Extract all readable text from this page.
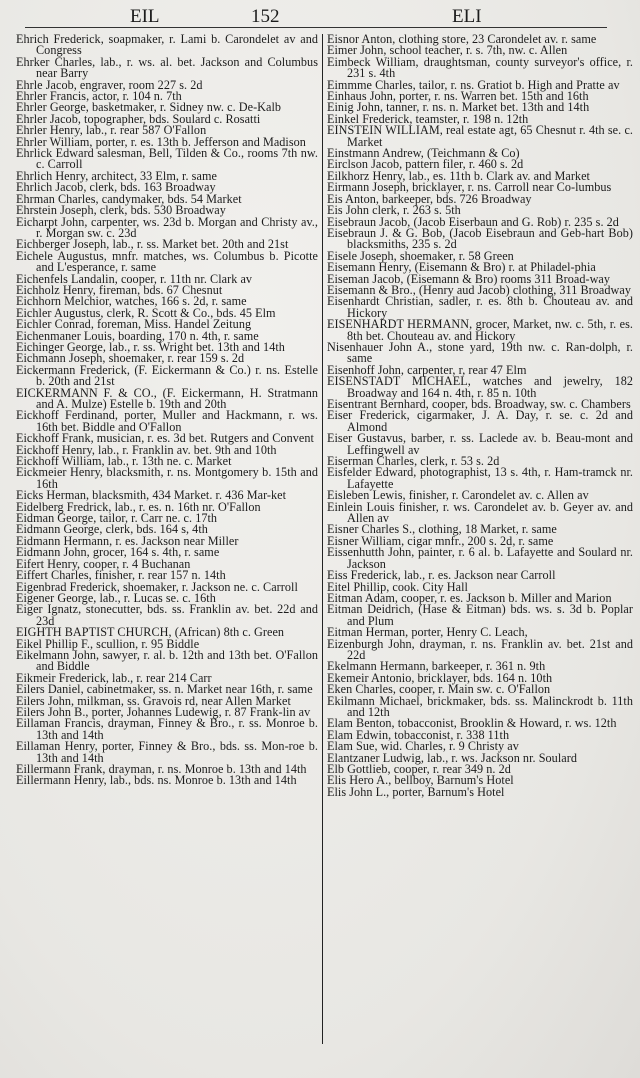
EIL	152	ELI

Ehrich Frederick, soapmaker, r. Lami b. Carondelet av and Congress

Ehrker Charles, lab., r. ws. al. bet. Jackson and Columbus near Barry

Ehrle Jacob, engraver, room 227 s. 2d

Ehrler Francis, actor, r. 104 n. 7th

Ehrler George, basketmaker, r. Sidney nw. c. De-Kalb

Ehrler Jacob, topographer, bds. Soulard c. Rosatti

Ehrler Henry, lab., r. rear 587 O'Fallon

Ehrler William, porter, r. es. 13th b. Jefferson and Madison

Ehrlick Edward salesman, Bell, Tilden & Co., rooms 7th nw. c. Carroll

Ehrlich Henry, architect, 33 Elm, r. same

Ehrlich Jacob, clerk, bds. 163 Broadway

Ehrman Charles, candymaker, bds. 54 Market

Ehrstein Joseph, clerk, bds. 530 Broadway

Eicharpt John, carpenter, ws. 23d b. Morgan and Christy av., r. Morgan sw. c. 23d

Eichberger Joseph, lab., r. ss. Market bet. 20th and 21st

Eichele Augustus, mnfr. matches, ws. Columbus b. Picotte and L'esperance, r. same

Eichenfels Landalin, cooper, r. 11th nr. Clark av

Eichholz Henry, fireman, bds. 67 Chesnut

Eichhorn Melchior, watches, 166 s. 2d, r. same

Eichler Augustus, clerk, R. Scott & Co., bds. 45 Elm

Eichler Conrad, foreman, Miss. Handel Zeitung

Eichenmaner Louis, boarding, 170 n. 4th, r. same

Eichinger George, lab., r. ss. Wright bet. 13th and 14th

Eichmann Joseph, shoemaker, r. rear 159 s. 2d

Eickermann Frederick, (F. Eickermann & Co.) r. ns. Estelle b. 20th and 21st

EICKERMANN F. & CO., (F. Eickermann, H. Stratmann and A. Mulze) Estelle b. 19th and 20th

Eickhoff Ferdinand, porter, Muller and Hackmann, r. ws. 16th bet. Biddle and O'Fallon

Eickhoff Frank, musician, r. es. 3d bet. Rutgers and Convent

Eickhoff Henry, lab., r. Franklin av. bet. 9th and 10th

Eickhoff William, lab., r. 13th ne. c. Market

Eickmeier Henry, blacksmith, r. ns. Montgomery b. 15th and 16th

Eicks Herman, blacksmith, 434 Market. r. 436 Mar-ket

Eidelberg Fredrick, lab., r. es. n. 16th nr. O'Fallon

Eidman George, tailor, r. Carr ne. c. 17th

Eidmann George, clerk, bds. 164 s, 4th

Eidmann Hermann, r. es. Jackson near Miller

Eidmann John, grocer, 164 s. 4th, r. same

Eifert Henry, cooper, r. 4 Buchanan

Eiffert Charles, finisher, r. rear 157 n. 14th

Eigenbrad Frederick, shoemaker, r. Jackson ne. c. Carroll

Eigener George, lab., r. Lucas se. c. 16th

Eiger Ignatz, stonecutter, bds. ss. Franklin av. bet. 22d and 23d

EIGHTH BAPTIST CHURCH, (African) 8th c. Green

Eikel Phillip F., scullion, r. 95 Biddle

Eikelmann John, sawyer, r. al. b. 12th and 13th bet. O'Fallon and Biddle

Eikmeir Frederick, lab., r. rear 214 Carr

Eilers Daniel, cabinetmaker, ss. n. Market near 16th, r. same

Eilers John, milkman, ss. Gravois rd, near Allen Market

Eilers John B., porter, Johannes Ludewig, r. 87 Frank-lin av

Eillaman Francis, drayman, Finney & Bro., r. ss. Monroe b. 13th and 14th

Eillaman Henry, porter, Finney & Bro., bds. ss. Mon-roe b. 13th and 14th

Eillermann Frank, drayman, r. ns. Monroe b. 13th and 14th

Eillermann Henry, lab., bds. ns. Monroe b. 13th and 14th

Eisnor Anton, clothing store, 23 Carondelet av. r. same

Eimer John, school teacher, r. s. 7th, nw. c. Allen

Eimbeck William, draughtsman, county surveyor's office, r. 231 s. 4th

Eimmme Charles, tailor, r. ns. Gratiot b. High and Pratte av

Einhaus John, porter, r. ns. Warren bet. 15th and 16th

Einig John, tanner, r. ns. n. Market bet. 13th and 14th

Einkel Frederick, teamster, r. 198 n. 12th

EINSTEIN WILLIAM, real estate agt, 65 Chesnut r. 4th se. c. Market

Einstmann Andrew, (Teichmann & Co)

Eirclson Jacob, pattern filer, r. 460 s. 2d

Eilkhorz Henry, lab., es. 11th b. Clark av. and Market

Eirmann Joseph, bricklayer, r. ns. Carroll near Co-lumbus

Eis Anton, barkeeper, bds. 726 Broadway

Eis John clerk, r. 263 s. 5th

Eisebraun Jacob, (Jacob Eiserbaun and G. Rob) r. 235 s. 2d

Eisebraun J. & G. Bob, (Jacob Eisebraun and Geb-hart Bob) blacksmiths, 235 s. 2d

Eisele Joseph, shoemaker, r. 58 Green

Eisemann Henry, (Eisemann & Bro) r. at Philadel-phia

Eiseman Jacob, (Eisemann & Bro) rooms 311 Broad-way

Eisemann & Bro., (Henry aud Jacob) clothing, 311 Broadway

Eisenhardt Christian, sadler, r. es. 8th b. Chouteau av. and Hickory

EISENHARDT HERMANN, grocer, Market, nw. c. 5th, r. es. 8th bet. Chouteau av. and Hickory

Nisenhauer John A., stone yard, 19th nw. c. Ran-dolph, r. same

Eisenhoff John, carpenter, r, rear 47 Elm

EISENSTADT MICHAEL, watches and jewelry, 182 Broadway and 164 n. 4th, r. 85 n. 10th

Eisentrant Bernhard, cooper, bds. Broadway, sw. c. Chambers

Eiser Frederick, cigarmaker, J. A. Day, r. se. c. 2d and Almond

Eiser Gustavus, barber, r. ss. Laclede av. b. Beau-mont and Leffingwell av

Eiserman Charles, clerk, r. 53 s. 2d

Eisfelder Edward, photographist, 13 s. 4th, r. Ham-tramck nr. Lafayette

Eisleben Lewis, finisher, r. Carondelet av. c. Allen av

Einlein Louis finisher, r. ws. Carondelet av. b. Geyer av. and Allen av

Eisner Charles S., clothing, 18 Market, r. same

Eisner William, cigar mnfr., 200 s. 2d, r. same

Eissenhutth John, painter, r. 6 al. b. Lafayette and Soulard nr. Jackson

Eiss Frederick, lab., r. es. Jackson near Carroll

Eitel Phillip, cook. City Hall

Eitman Adam, cooper, r. es. Jackson b. Miller and Marion

Eitman Deidrich, (Hase & Eitman) bds. ws. s. 3d b. Poplar and Plum

Eitman Herman, porter, Henry C. Leach,

Eizenburgh John, drayman, r. ns. Franklin av. bet. 21st and 22d

Ekelmann Hermann, barkeeper, r. 361 n. 9th

Ekemeir Antonio, bricklayer, bds. 164 n. 10th

Eken Charles, cooper, r. Main sw. c. O'Fallon

Ekilmann Michael, brickmaker, bds. ss. Malinckrodt b. 11th and 12th

Elam Benton, tobacconist, Brooklin & Howard, r. ws. 12th

Elam Edwin, tobacconist, r. 338 11th

Elam Sue, wid. Charles, r. 9 Christy av

Elantzaner Ludwig, lab., r. ws. Jackson nr. Soulard

Elb Gottlieb, cooper, r. rear 349 n. 2d

Elis Hero A., bellboy, Barnum's Hotel

Elis John L., porter, Barnum's Hotel
